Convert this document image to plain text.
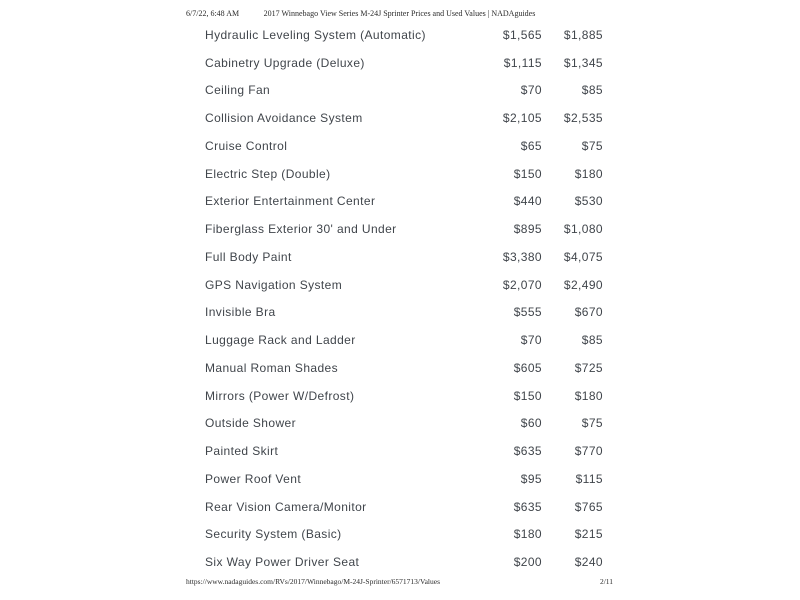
6/7/22, 6:48 AM	2017 Winnebago View Series M-24J Sprinter Prices and Used Values | NADAguides
Hydraulic Leveling System (Automatic)	$1,565	$1,885
Cabinetry Upgrade (Deluxe)	$1,115	$1,345
Ceiling Fan	$70	$85
Collision Avoidance System	$2,105	$2,535
Cruise Control	$65	$75
Electric Step (Double)	$150	$180
Exterior Entertainment Center	$440	$530
Fiberglass Exterior 30' and Under	$895	$1,080
Full Body Paint	$3,380	$4,075
GPS Navigation System	$2,070	$2,490
Invisible Bra	$555	$670
Luggage Rack and Ladder	$70	$85
Manual Roman Shades	$605	$725
Mirrors (Power W/Defrost)	$150	$180
Outside Shower	$60	$75
Painted Skirt	$635	$770
Power Roof Vent	$95	$115
Rear Vision Camera/Monitor	$635	$765
Security System (Basic)	$180	$215
Six Way Power Driver Seat	$200	$240
https://www.nadaguides.com/RVs/2017/Winnebago/M-24J-Sprinter/6571713/Values	2/11
